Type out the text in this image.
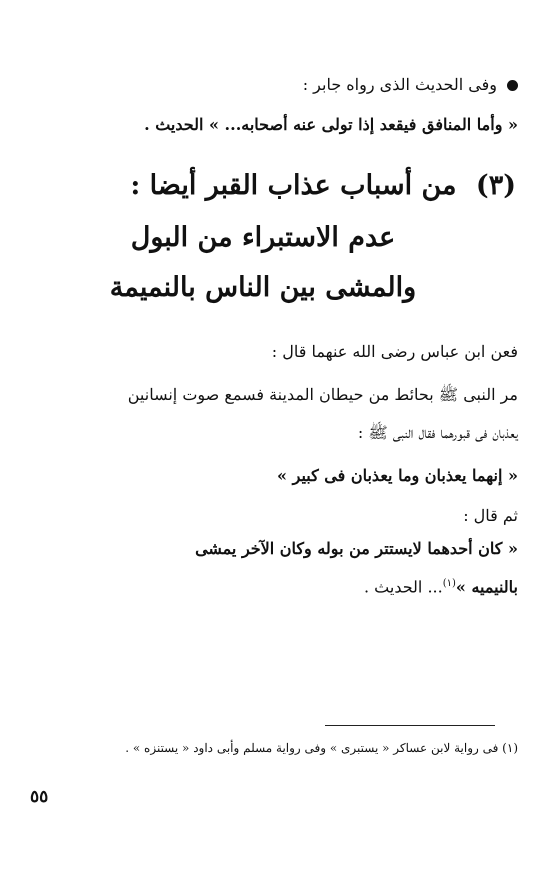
وفى الحديث الذى رواه جابر :
« وأما المنافق فيقعد إذا تولى عنه أصحابه... » الحديث .
(٣) من أسباب عذاب القبر أيضا :
عدم الاستبراء من البول
والمشى بين الناس بالنميمة
فعن ابن عباس رضى الله عنهما قال :
مر النبى ﷺ بحائط من حيطان المدينة فسمع صوت إنسانين
يعذبان فى قبورهما فقال النبى ﷺ :
« إنهما يعذبان وما يعذبان فى كبير »
ثم قال :
« كان أحدهما لايستتر من بوله وكان الآخر يمشى
بالنيميه »$^{(١)}$... الحديث .
(١) فى رواية لابن عساكر « يستبرى » وفى رواية مسلم وأبى داود « يستنزه » .
٥٥
